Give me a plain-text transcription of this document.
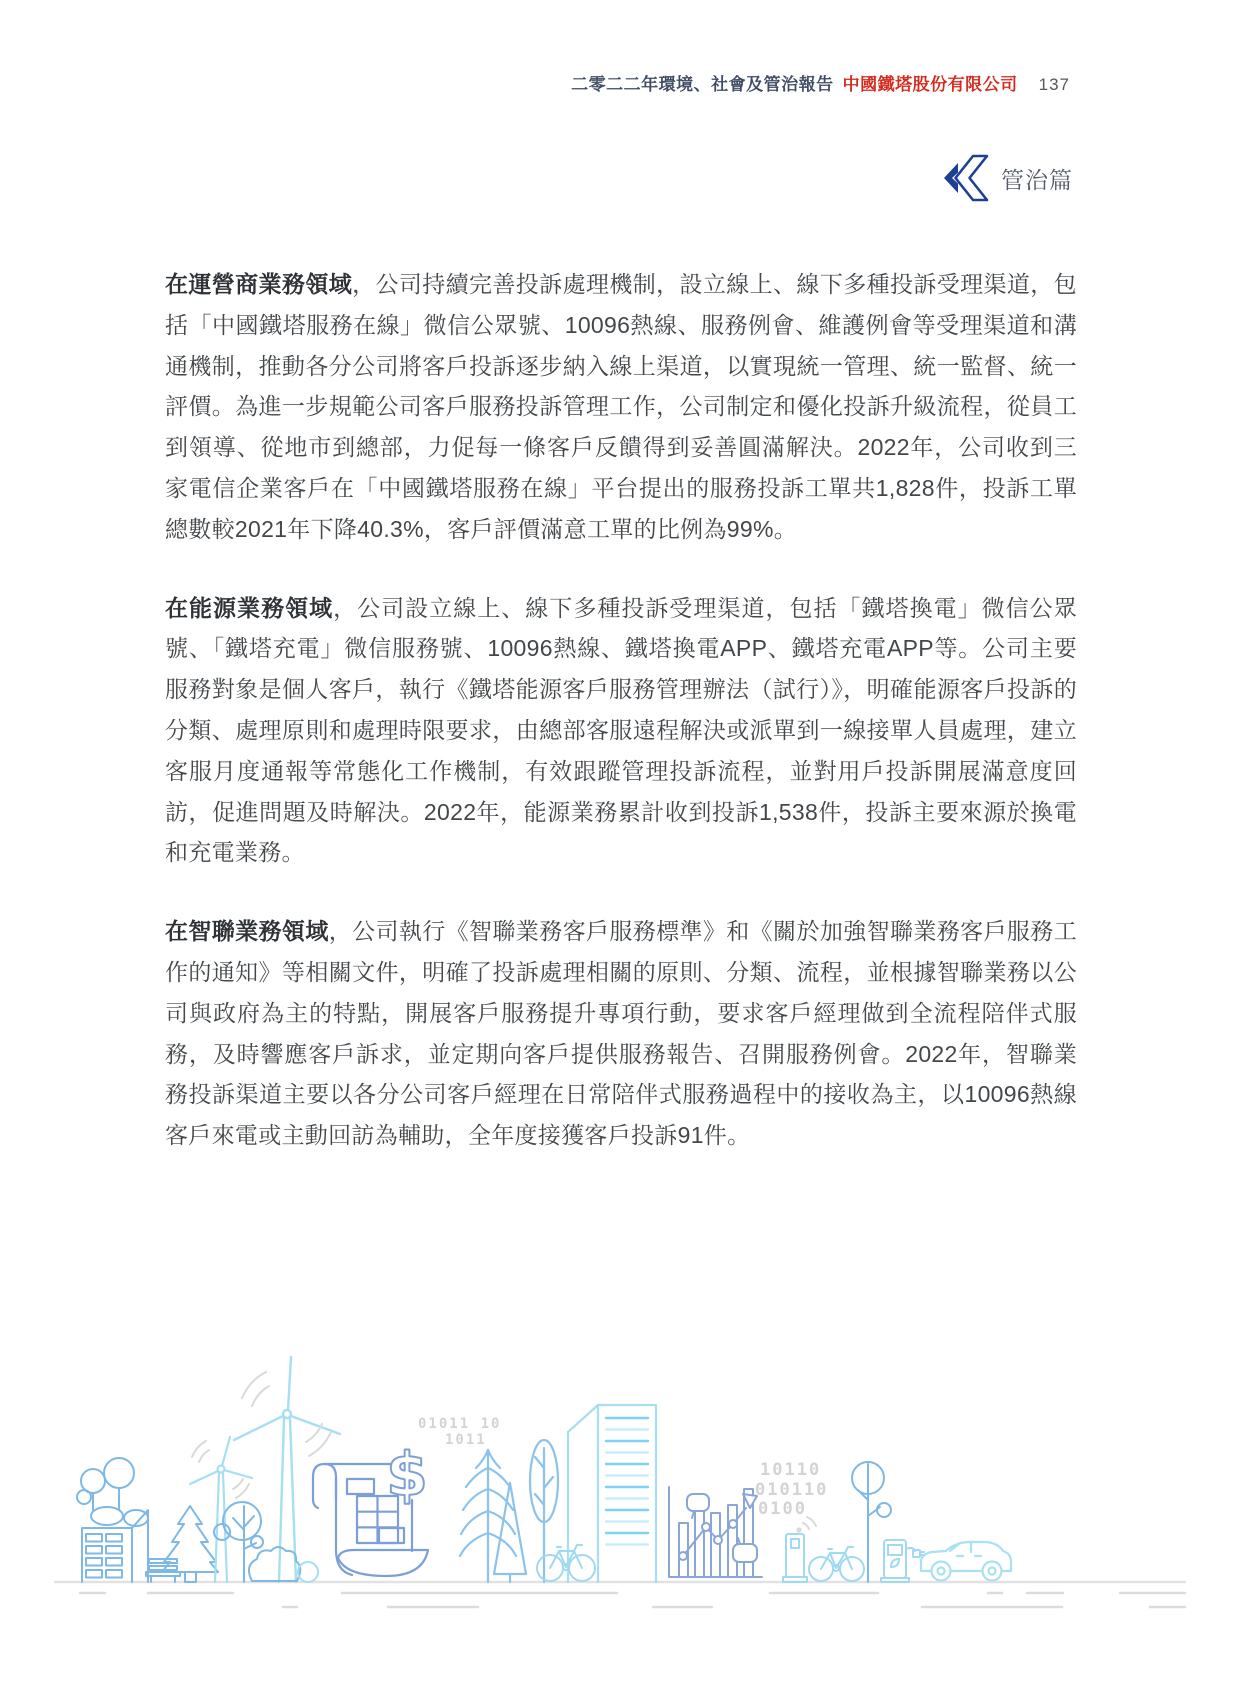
二零二二年環境、社會及管治報告 中國鐵塔股份有限公司 137
管治篇

在運營商業務領域，公司持續完善投訴處理機制，設立線上、線下多種投訴受理渠道，包括「中國鐵塔服務在線」微信公眾號、10096熱線、服務例會、維護例會等受理渠道和溝通機制，推動各分公司將客戶投訴逐步納入線上渠道，以實現統一管理、統一監督、統一評價。為進一步規範公司客戶服務投訴管理工作，公司制定和優化投訴升級流程，從員工到領導、從地市到總部，力促每一條客戶反饋得到妥善圓滿解決。2022年，公司收到三家電信企業客戶在「中國鐵塔服務在線」平台提出的服務投訴工單共1,828件，投訴工單總數較2021年下降40.3%，客戶評價滿意工單的比例為99%。

在能源業務領域，公司設立線上、線下多種投訴受理渠道，包括「鐵塔換電」微信公眾號、「鐵塔充電」微信服務號、10096熱線、鐵塔換電APP、鐵塔充電APP等。公司主要服務對象是個人客戶，執行《鐵塔能源客戶服務管理辦法（試行）》，明確能源客戶投訴的分類、處理原則和處理時限要求，由總部客服遠程解決或派單到一線接單人員處理，建立客服月度通報等常態化工作機制，有效跟蹤管理投訴流程，並對用戶投訴開展滿意度回訪，促進問題及時解決。2022年，能源業務累計收到投訴1,538件，投訴主要來源於換電和充電業務。

在智聯業務領域，公司執行《智聯業務客戶服務標準》和《關於加強智聯業務客戶服務工作的通知》等相關文件，明確了投訴處理相關的原則、分類、流程，並根據智聯業務以公司與政府為主的特點，開展客戶服務提升專項行動，要求客戶經理做到全流程陪伴式服務，及時響應客戶訴求，並定期向客戶提供服務報告、召開服務例會。2022年，智聯業務投訴渠道主要以各分公司客戶經理在日常陪伴式服務過程中的接收為主，以10096熱線客戶來電或主動回訪為輔助，全年度接獲客戶投訴91件。

$
01011 10
1011
10110
010110
0100
